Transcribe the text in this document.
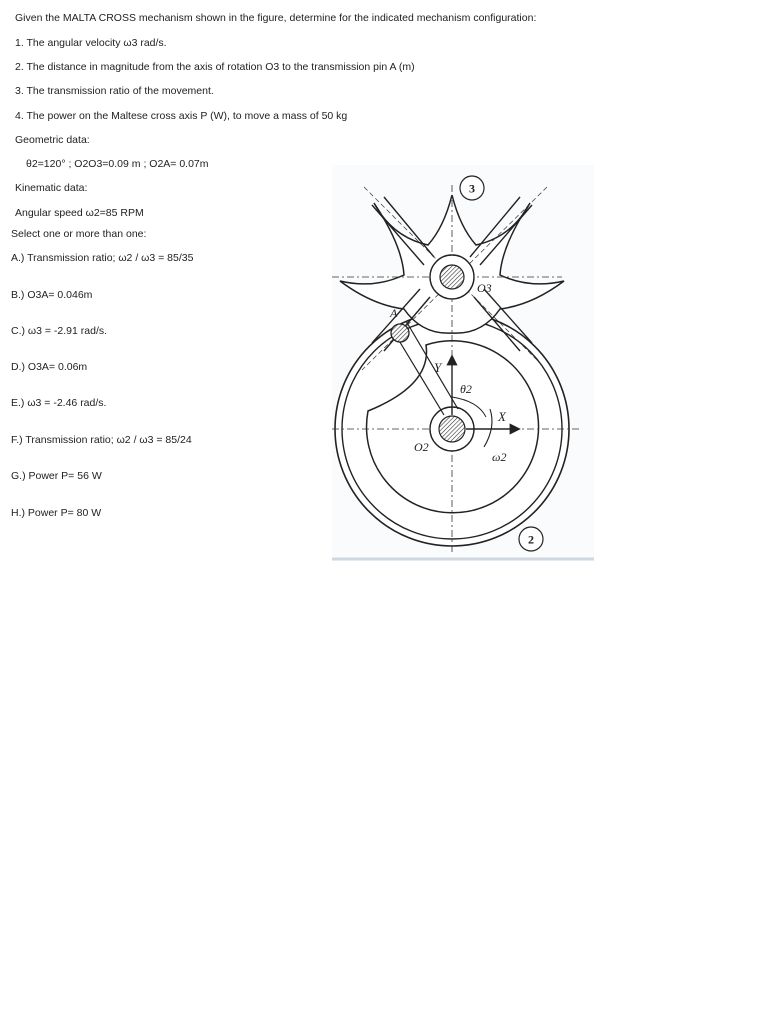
Given the MALTA CROSS mechanism shown in the figure, determine for the indicated mechanism configuration:
1. The angular velocity ω3 rad/s.
2. The distance in magnitude from the axis of rotation O3 to the transmission pin A (m)
3. The transmission ratio of the movement.
4. The power on the Maltese cross axis P (W), to move a mass of 50 kg
Geometric data:
θ2=120° ; O2O3=0.09 m ; O2A= 0.07m
Kinematic data:
Angular speed ω2=85 RPM
Select one or more than one:
A.) Transmission ratio; ω2 / ω3 = 85/35
B.) O3A= 0.046m
C.) ω3 = -2.91 rad/s.
D.) O3A= 0.06m
E.) ω3 = -2.46 rad/s.
F.) Transmission ratio; ω2 / ω3 = 85/24
G.) Power P= 56 W
H.) Power P= 80 W
3
2
O3
O2
A
Y
X
θ2
ω2
